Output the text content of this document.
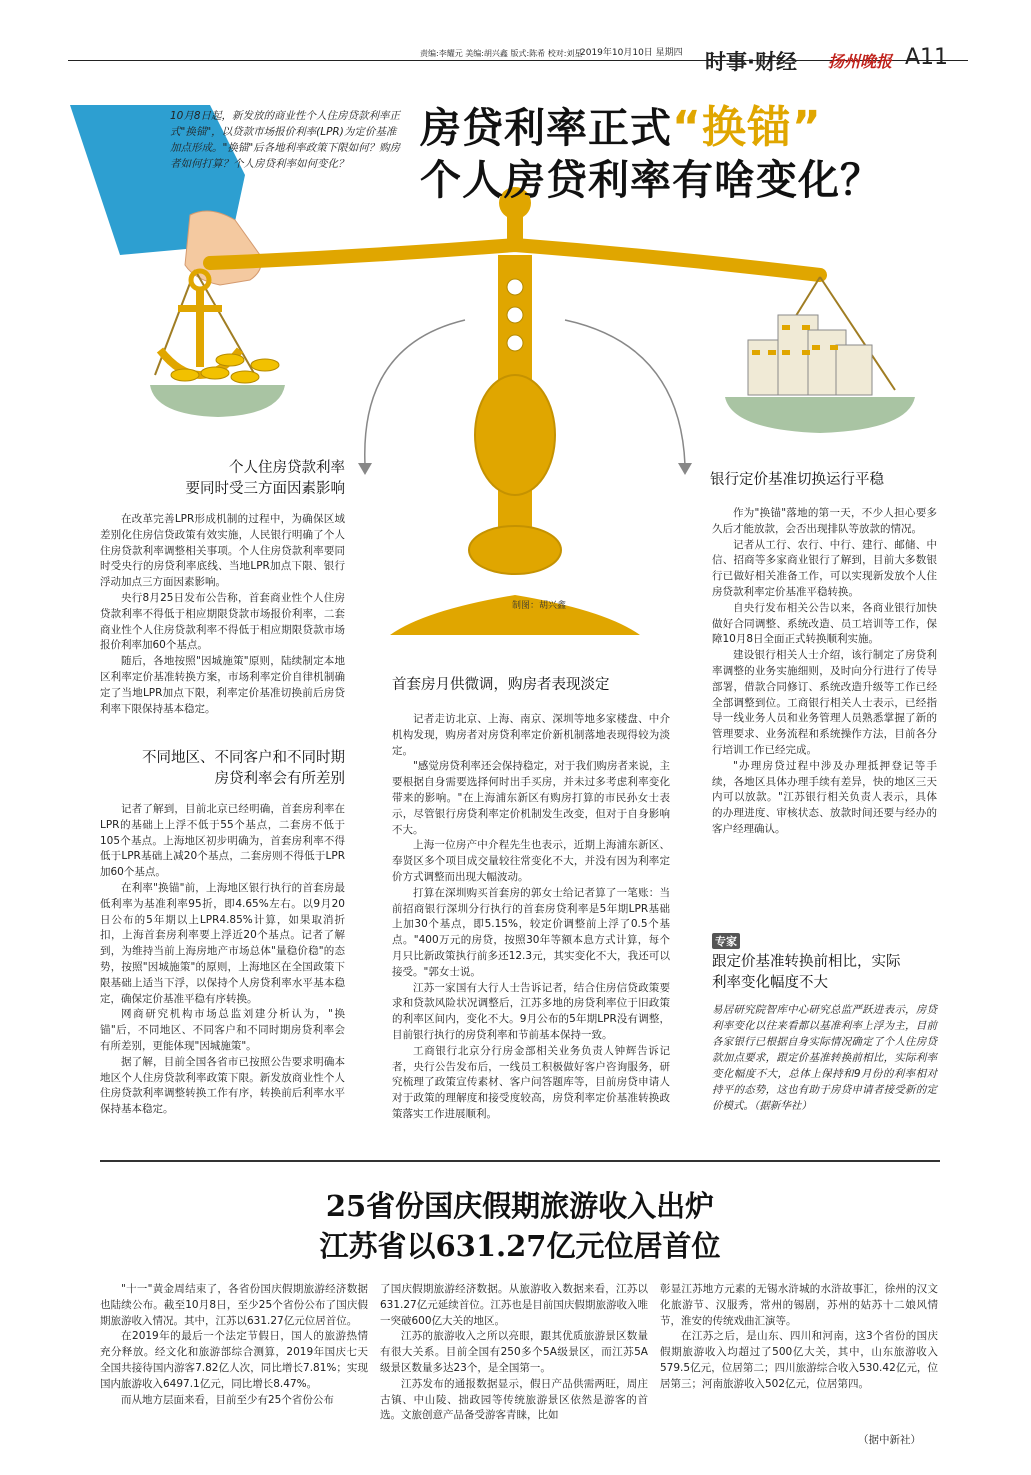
2019年10月10日 星期四
责编:李耀元 美编:胡兴鑫 版式:陈希 校对:刘星	时事·财经 扬州晚报 A11
10月8日起，新发放的商业性个人住房贷款利率正式"换锚"，以贷款市场报价利率(LPR)为定价基准加点形成。"换锚"后各地利率政策下限如何？购房者如何打算？个人房贷利率如何变化？
房贷利率正式“换锚”
个人房贷利率有啥变化？
制图：胡兴鑫
个人住房贷款利率
要同时受三方面因素影响
银行定价基准切换运行平稳
首套房月供微调，购房者表现淡定
不同地区、不同客户和不同时期
房贷利率会有所差别

在改革完善LPR形成机制的过程中，为确保区域差别化住房信贷政策有效实施，人民银行明确了个人住房贷款利率调整相关事项。个人住房贷款利率要同时受央行的房贷利率底线、当地LPR加点下限、银行浮动加点三方面因素影响。

央行8月25日发布公告称，首套商业性个人住房贷款利率不得低于相应期限贷款市场报价利率，二套商业性个人住房贷款利率不得低于相应期限贷款市场报价利率加60个基点。

随后，各地按照"因城施策"原则，陆续制定本地区利率定价基准转换方案，市场利率定价自律机制确定了当地LPR加点下限，利率定价基准切换前后房贷利率下限保持基本稳定。

记者了解到，目前北京已经明确，首套房利率在LPR的基础上上浮不低于55个基点，二套房不低于105个基点。上海地区初步明确为，首套房利率不得低于LPR基础上减20个基点，二套房则不得低于LPR加60个基点。

在利率"换锚"前，上海地区银行执行的首套房最低利率为基准利率95折，即4.65%左右。以9月20日公布的5年期以上LPR4.85%计算，如果取消折扣，上海首套房利率要上浮近20个基点。记者了解到，为维持当前上海房地产市场总体"量稳价稳"的态势，按照"因城施策"的原则，上海地区在全国政策下限基础上适当下浮，以保持个人房贷利率水平基本稳定，确保定价基准平稳有序转换。

网商研究机构市场总监刘建分析认为，"换锚"后，不同地区、不同客户和不同时期房贷利率会有所差别，更能体现"因城施策"。

据了解，目前全国各省市已按照公告要求明确本地区个人住房贷款利率政策下限。新发放商业性个人住房贷款利率调整转换工作有序，转换前后利率水平保持基本稳定。

记者走访北京、上海、南京、深圳等地多家楼盘、中介机构发现，购房者对房贷利率定价新机制落地表现得较为淡定。

"感觉房贷利率还会保持稳定，对于我们购房者来说，主要根据自身需要选择何时出手买房，并未过多考虑利率变化带来的影响。"在上海浦东新区有购房打算的市民孙女士表示，尽管银行房贷利率定价机制发生改变，但对于自身影响不大。

上海一位房产中介程先生也表示，近期上海浦东新区、奉贤区多个项目成交量较往常变化不大，并没有因为利率定价方式调整而出现大幅波动。

打算在深圳购买首套房的郭女士给记者算了一笔账：当前招商银行深圳分行执行的首套房贷利率是5年期LPR基础上加30个基点，即5.15%，较定价调整前上浮了0.5个基点。"400万元的房贷，按照30年等额本息方式计算，每个月只比新政策执行前多还12.3元，其实变化不大，我还可以接受。"郭女士说。

江苏一家国有大行人士告诉记者，结合住房信贷政策要求和贷款风险状况调整后，江苏多地的房贷利率位于旧政策的利率区间内，变化不大。9月公布的5年期LPR没有调整，目前银行执行的房贷利率和节前基本保持一致。

工商银行北京分行房金部相关业务负责人钟辉告诉记者，央行公告发布后，一线员工积极做好客户咨询服务，研究梳理了政策宣传素材、客户问答题库等，目前房贷申请人对于政策的理解度和接受度较高，房贷利率定价基准转换政策落实工作进展顺利。

作为"换锚"落地的第一天，不少人担心要多久后才能放款，会否出现排队等放款的情况。

记者从工行、农行、中行、建行、邮储、中信、招商等多家商业银行了解到，目前大多数银行已做好相关准备工作，可以实现新发放个人住房贷款利率定价基准平稳转换。

自央行发布相关公告以来，各商业银行加快做好合同调整、系统改造、员工培训等工作，保障10月8日全面正式转换顺利实施。

建设银行相关人士介绍，该行制定了房贷利率调整的业务实施细则，及时向分行进行了传导部署，借款合同修订、系统改造升级等工作已经全部调整到位。工商银行相关人士表示，已经指导一线业务人员和业务管理人员熟悉掌握了新的管理要求、业务流程和系统操作方法，目前各分行培训工作已经完成。

"办理房贷过程中涉及办理抵押登记等手续，各地区具体办理手续有差异，快的地区三天内可以放款。"江苏银行相关负责人表示，具体的办理进度、审核状态、放款时间还要与经办的客户经理确认。

专家
跟定价基准转换前相比，实际
利率变化幅度不大
易居研究院智库中心研究总监严跃进表示，房贷利率变化以往来看都以基准利率上浮为主，目前各家银行已根据自身实际情况确定了个人住房贷款加点要求，跟定价基准转换前相比，实际利率变化幅度不大，总体上保持和9月份的利率相对持平的态势，这也有助于房贷申请者接受新的定价模式。（据新华社）
25省份国庆假期旅游收入出炉
江苏省以631.27亿元位居首位

"十一"黄金周结束了，各省份国庆假期旅游经济数据也陆续公布。截至10月8日，至少25个省份公布了国庆假期旅游收入情况。其中，江苏以631.27亿元位居首位。

在2019年的最后一个法定节假日，国人的旅游热情充分释放。经文化和旅游部综合测算，2019年国庆七天全国共接待国内游客7.82亿人次，同比增长7.81%；实现国内旅游收入6497.1亿元，同比增长8.47%。

而从地方层面来看，目前至少有25个省份公布

了国庆假期旅游经济数据。从旅游收入数据来看，江苏以631.27亿元延续首位。江苏也是目前国庆假期旅游收入唯一突破600亿大关的地区。

江苏的旅游收入之所以亮眼，跟其优质旅游景区数量有很大关系。目前全国有250多个5A级景区，而江苏5A级景区数量多达23个，是全国第一。

江苏发布的通报数据显示，假日产品供需两旺，周庄古镇、中山陵、拙政园等传统旅游景区依然是游客的首选。文旅创意产品备受游客青睐，比如

彰显江苏地方元素的无锡水浒城的水浒故事汇，徐州的汉文化旅游节、汉服秀，常州的锡剧，苏州的姑苏十二娘风情节，淮安的传统戏曲汇演等。

在江苏之后，是山东、四川和河南，这3个省份的国庆假期旅游收入均超过了500亿大关，其中，山东旅游收入579.5亿元，位居第二；四川旅游综合收入530.42亿元，位居第三；河南旅游收入502亿元，位居第四。

（据中新社）
